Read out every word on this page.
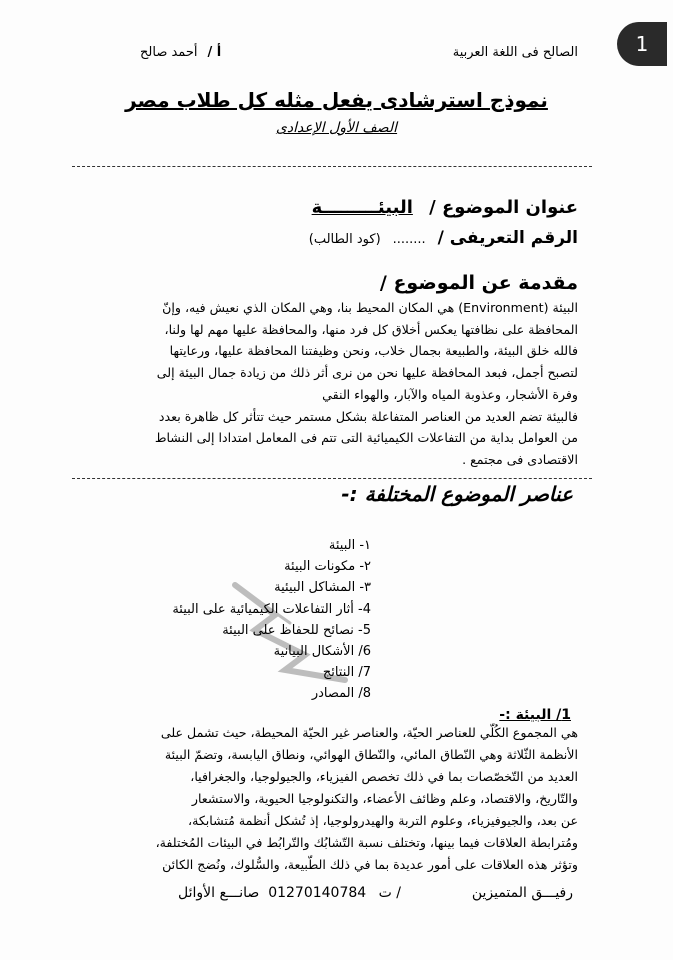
1
الصالح فى اللغة العربية
أ /أحمد صالح
نموذج استرشادى يفعل مثله كل طلاب مصر
الصف الأول الإعدادى
عنوان الموضوع / البيئـــــــــة
الرقم التعريفى / ........ (كود الطالب)
مقدمة عن الموضوع /
البيئة (Environment) هي المكان المحيط بنا، وهي المكان الذي نعيش فيه، وإنّ
المحافظة على نظافتها يعكس أخلاق كل فرد منها، والمحافظة عليها مهم لها ولنا،
فالله خلق البيئة، والطبيعة بجمال خلاب، ونحن وظيفتنا المحافظة عليها، ورعايتها
لتصبح أجمل، فبعد المحافظة عليها نحن من نرى أثر ذلك من زيادة جمال البيئة إلى
وفرة الأشجار، وعذوبة المياه والآبار، والهواء النقي
فالبيئة تضم العديد من العناصر المتفاعلة بشكل مستمر حيث تتأثر كل ظاهرة بعدد
من العوامل بداية من التفاعلات الكيميائية التى تتم فى المعامل امتدادا إلى النشاط
الاقتصادى فى مجتمع .
عناصر الموضوع المختلفة :-
١- البيئة
٢- مكونات البيئة
٣- المشاكل البيئية
4- أثار التفاعلات الكيميائية على البيئة
5- نصائح للحفاظ على البيئة
6/ الأشكال البيانية
7/ النتائج
8/ المصادر
1/ البيئة :-
هي المجموع الكُلّي للعناصر الحيّة، والعناصر غير الحيّة المحيطة، حيث تشمل على
الأنظمة الثّلاثة وهي النّطاق المائي، والنّطاق الهوائي، ونطاق اليابسة، وتضمّ البيئة
العديد من التّخصّصات بما في ذلك تخصص الفيزياء، والجيولوجيا، والجغرافيا،
والتّاريخ، والاقتصاد، وعلم وظائف الأعضاء، والتكنولوجيا الحيوية، والاستشعار
عن بعد، والجيوفيزياء، وعلوم التربة والهيدرولوجيا، إذ تُشكل أنظمة مُتشابكة،
ومُترابطة العلاقات فيما بينها، وتختلف نسبة التّشابُك والتّرابُط في البيئات المُختلفة،
وتؤثر هذه العلاقات على أمور عديدة بما في ذلك الطّبيعة، والسُّلوك، ونُضج الكائن
رفيـــق المتميزين
01270140784 ت /
صانـــع الأوائل
